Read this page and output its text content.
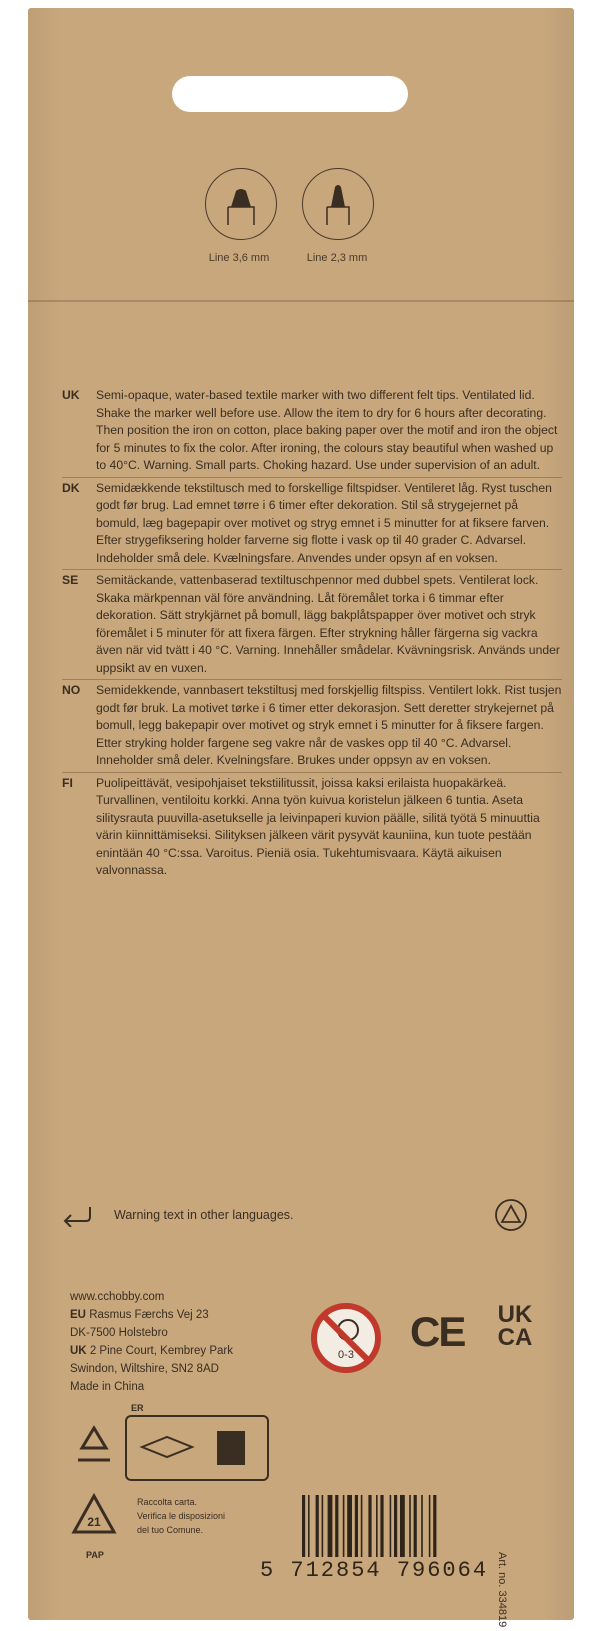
Line 3,6 mm	Line 2,3 mm
UK	Semi-opaque, water-based textile marker with two different felt tips. Ventilated lid. Shake the marker well before use. Allow the item to dry for 6 hours after decorating. Then position the iron on cotton, place baking paper over the motif and iron the object for 5 minutes to fix the color. After ironing, the colours stay beautiful when washed up to 40°C. Warning. Small parts. Choking hazard. Use under supervision of an adult.
DK	Semidækkende tekstiltusch med to forskellige filtspidser. Ventileret låg. Ryst tuschen godt før brug. Lad emnet tørre i 6 timer efter dekoration. Stil så strygejernet på bomuld, læg bagepapir over motivet og stryg emnet i 5 minutter for at fiksere farven. Efter strygefiksering holder farverne sig flotte i vask op til 40 grader C. Advarsel. Indeholder små dele. Kvælningsfare. Anvendes under opsyn af en voksen.
SE	Semitäckande, vattenbaserad textiltuschpennor med dubbel spets. Ventilerat lock. Skaka märkpennan väl före användning. Låt föremålet torka i 6 timmar efter dekoration. Sätt strykjärnet på bomull, lägg bakplåtspapper över motivet och stryk föremålet i 5 minuter för att fixera färgen. Efter strykning håller färgerna sig vackra även när vid tvätt i 40 °C. Varning. Innehåller smådelar. Kvävningsrisk. Används under uppsikt av en vuxen.
NO	Semidekkende, vannbasert tekstiltusj med forskjellig filtspiss. Ventilert lokk. Rist tusjen godt før bruk. La motivet tørke i 6 timer etter dekorasjon. Sett deretter strykejernet på bomull, legg bakepapir over motivet og stryk emnet i 5 minutter for å fiksere fargen. Etter stryking holder fargene seg vakre når de vaskes opp til 40 °C. Advarsel. Inneholder små deler. Kvelningsfare. Brukes under oppsyn av en voksen.
FI	Puolipeittävät, vesipohjaiset tekstiilitussit, joissa kaksi erilaista huopakärkeä. Turvallinen, ventiloitu korkki. Anna työn kuivua koristelun jälkeen 6 tuntia. Aseta silitysrauta puuvilla-asetukselle ja leivinpaperi kuvion päälle, silitä työtä 5 minuuttia värin kiinnittämiseksi. Silityksen jälkeen värit pysyvät kauniina, kun tuote pestään enintään 40 °C:ssa. Varoitus. Pieniä osia. Tukehtumisvaara. Käytä aikuisen valvonnassa.
Warning text in other languages.
www.cchobby.com
EU Rasmus Færchs Vej 23
DK-7500 Holstebro
UK 2 Pine Court, Kembrey Park
Swindon, Wiltshire, SN2 8AD
Made in China
0-3 CE	UK
CA
ER
21
PAP
Raccolta carta.
Verifica le disposizioni
del tuo Comune.
5 712854 796064 Art. no. 334819
